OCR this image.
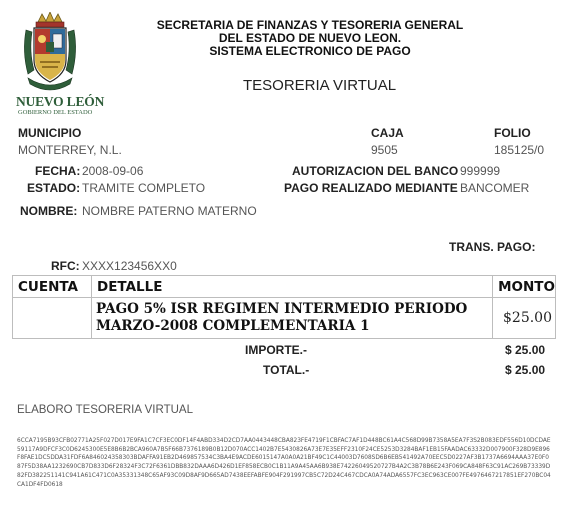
NUEVO LEÓN
GOBIERNO DEL ESTADO
SECRETARIA DE FINANZAS Y TESORERIA GENERAL
DEL ESTADO DE NUEVO LEON.
SISTEMA ELECTRONICO DE PAGO
TESORERIA VIRTUAL
MUNICIPIO
MONTERREY, N.L.
CAJA
9505
FOLIO
185125/0
FECHA: 2008-09-06	AUTORIZACION DEL BANCO 999999
ESTADO: TRAMITE COMPLETO	PAGO REALIZADO MEDIANTE BANCOMER
NOMBRE: NOMBRE PATERNO MATERNO
TRANS. PAGO:
RFC: XXXX123456XX0
CUENTA	DETALLE	MONTO

	PAGO 5% ISR REGIMEN INTERMEDIO PERIODO
MARZO-2008 COMPLEMENTARIA 1	$25.00
IMPORTE.-	$ 25.00
TOTAL.-	$ 25.00
ELABORO TESORERIA VIRTUAL
6CCA7195B93CFB02771A25F027D017E9FA1C7CF3EC0DF14F4ABD334D2CD7AA0443448CBA823FE4719F1CBFAC7AF1D448BC61A4C568D99B7358A5EA7F3S2B083EDF556D10DCDAE59117A9DFCF3C0D6245300E5E8B6B2BCA960A7B5F66B7376189B0B12D070ACC1402B7E5430826A73E7E35EFF2310F24CE5253D3284BAF1EB15FAADAC63332D007900F328D9E896F8FAE1DC5DDA31FDF6A846024358303BDAFFA91EB2D469857534C3BA4E9ACDE6015147A0A0A21BF49C1C44003D7608SD6B6EB541492A70EEC5D0227AF3B1737A6694AAA37E0F087F5D38AA1232690CB7D833D6F28324F3C72F6361DBB832DAAA6D426D1EF858ECB0C1B11A9A45AA6B938E74226049520727B4A2C3B78B6E243F069CA848F63C91AC269B73339D82FD382251141C941A61C471C0A35331348C65AF93C09D8AF9D665AD7438EEFABFE904F291997CB5C72D24C467CDCA0A74ADA6557FC3EC963CE007FE4976467217851EF270BC04CA1DF4FD0618
